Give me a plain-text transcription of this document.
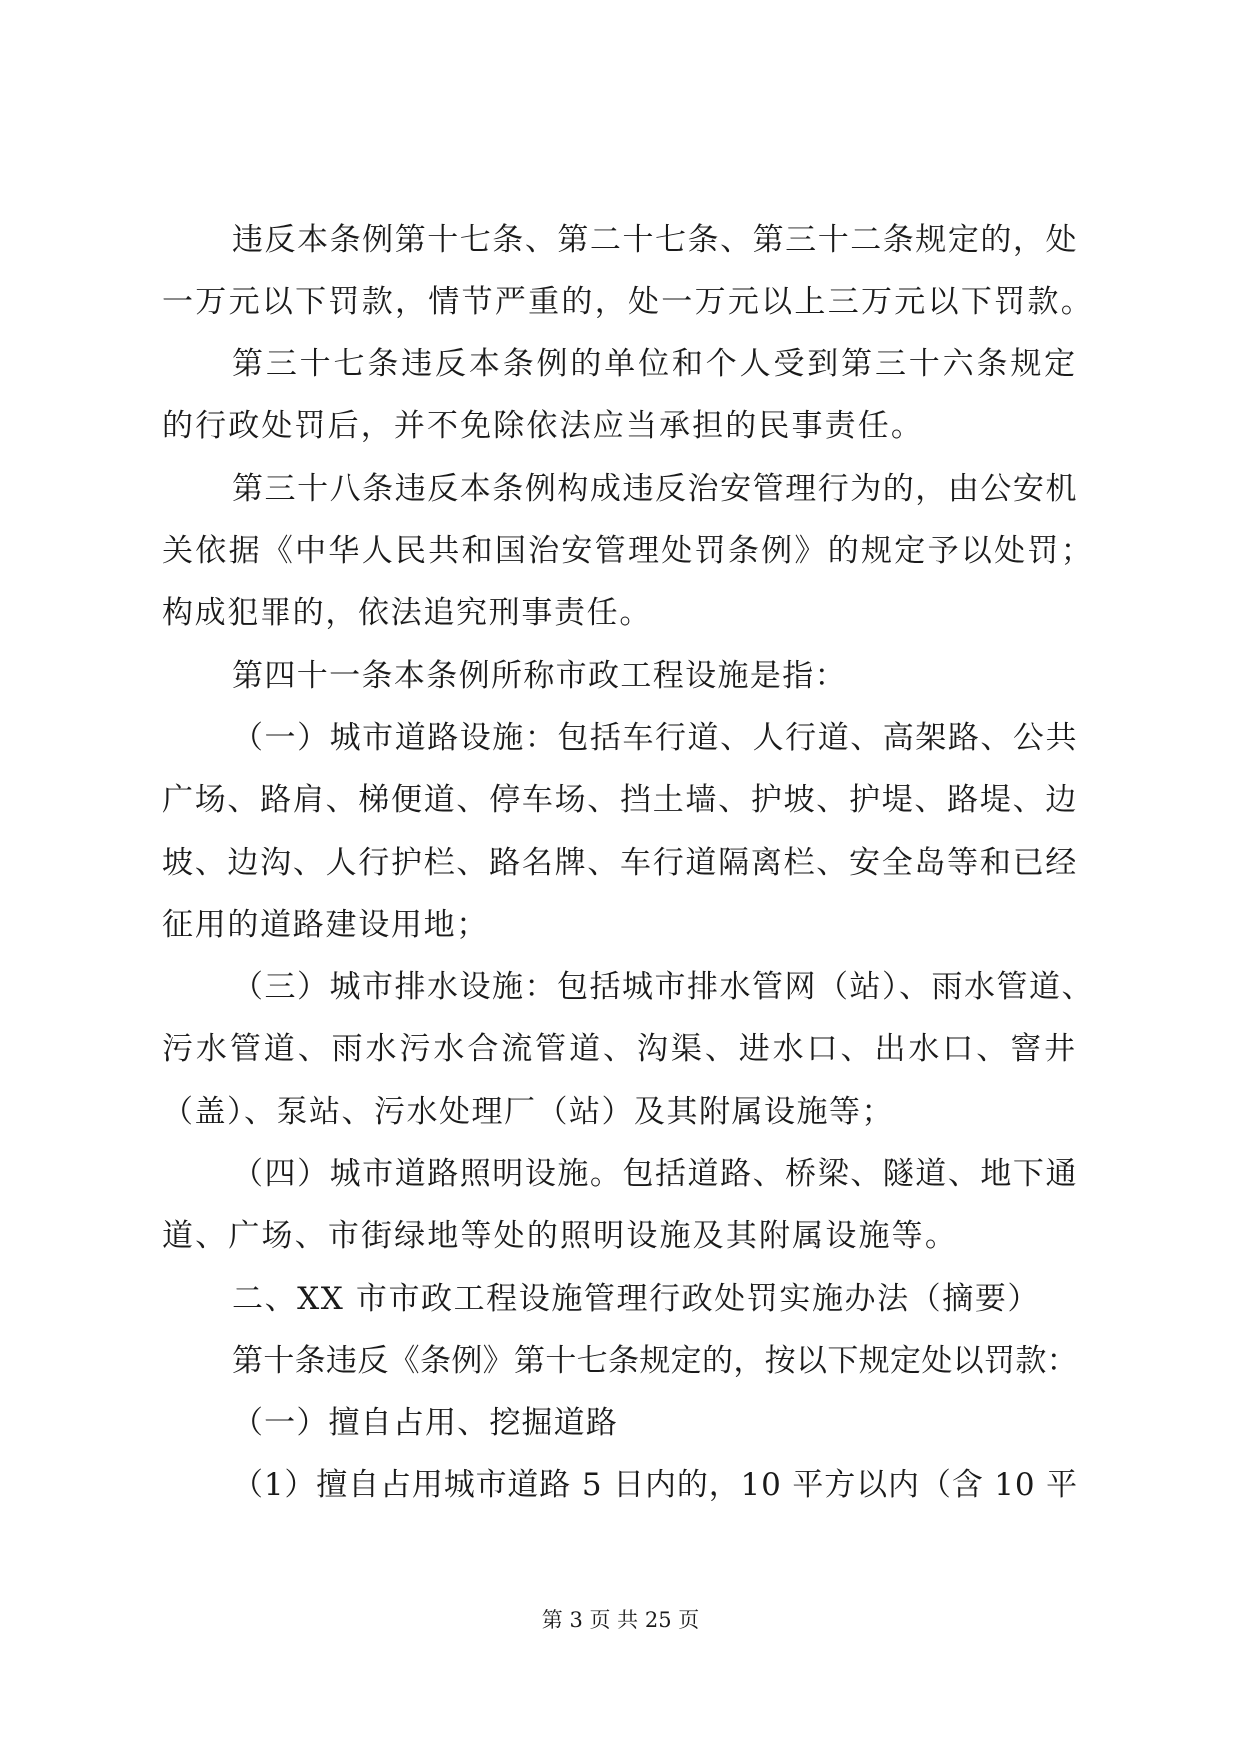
违反本条例第十七条、第二十七条、第三十二条规定的，处
一万元以下罚款，情节严重的，处一万元以上三万元以下罚款。
第三十七条违反本条例的单位和个人受到第三十六条规定
的行政处罚后，并不免除依法应当承担的民事责任。
第三十八条违反本条例构成违反治安管理行为的，由公安机
关依据《中华人民共和国治安管理处罚条例》的规定予以处罚；
构成犯罪的，依法追究刑事责任。
第四十一条本条例所称市政工程设施是指：
（一）城市道路设施：包括车行道、人行道、高架路、公共
广场、路肩、梯便道、停车场、挡土墙、护坡、护堤、路堤、边
坡、边沟、人行护栏、路名牌、车行道隔离栏、安全岛等和已经
征用的道路建设用地；
（三）城市排水设施：包括城市排水管网（站）、雨水管道、
污水管道、雨水污水合流管道、沟渠、进水口、出水口、窨井
（盖）、泵站、污水处理厂（站）及其附属设施等；
（四）城市道路照明设施。包括道路、桥梁、隧道、地下通
道、广场、市街绿地等处的照明设施及其附属设施等。
二、XX 市市政工程设施管理行政处罚实施办法（摘要）
第十条违反《条例》第十七条规定的，按以下规定处以罚款：
（一）擅自占用、挖掘道路
（1）擅自占用城市道路 5 日内的，10 平方以内（含 10 平
第 3 页 共 25 页
